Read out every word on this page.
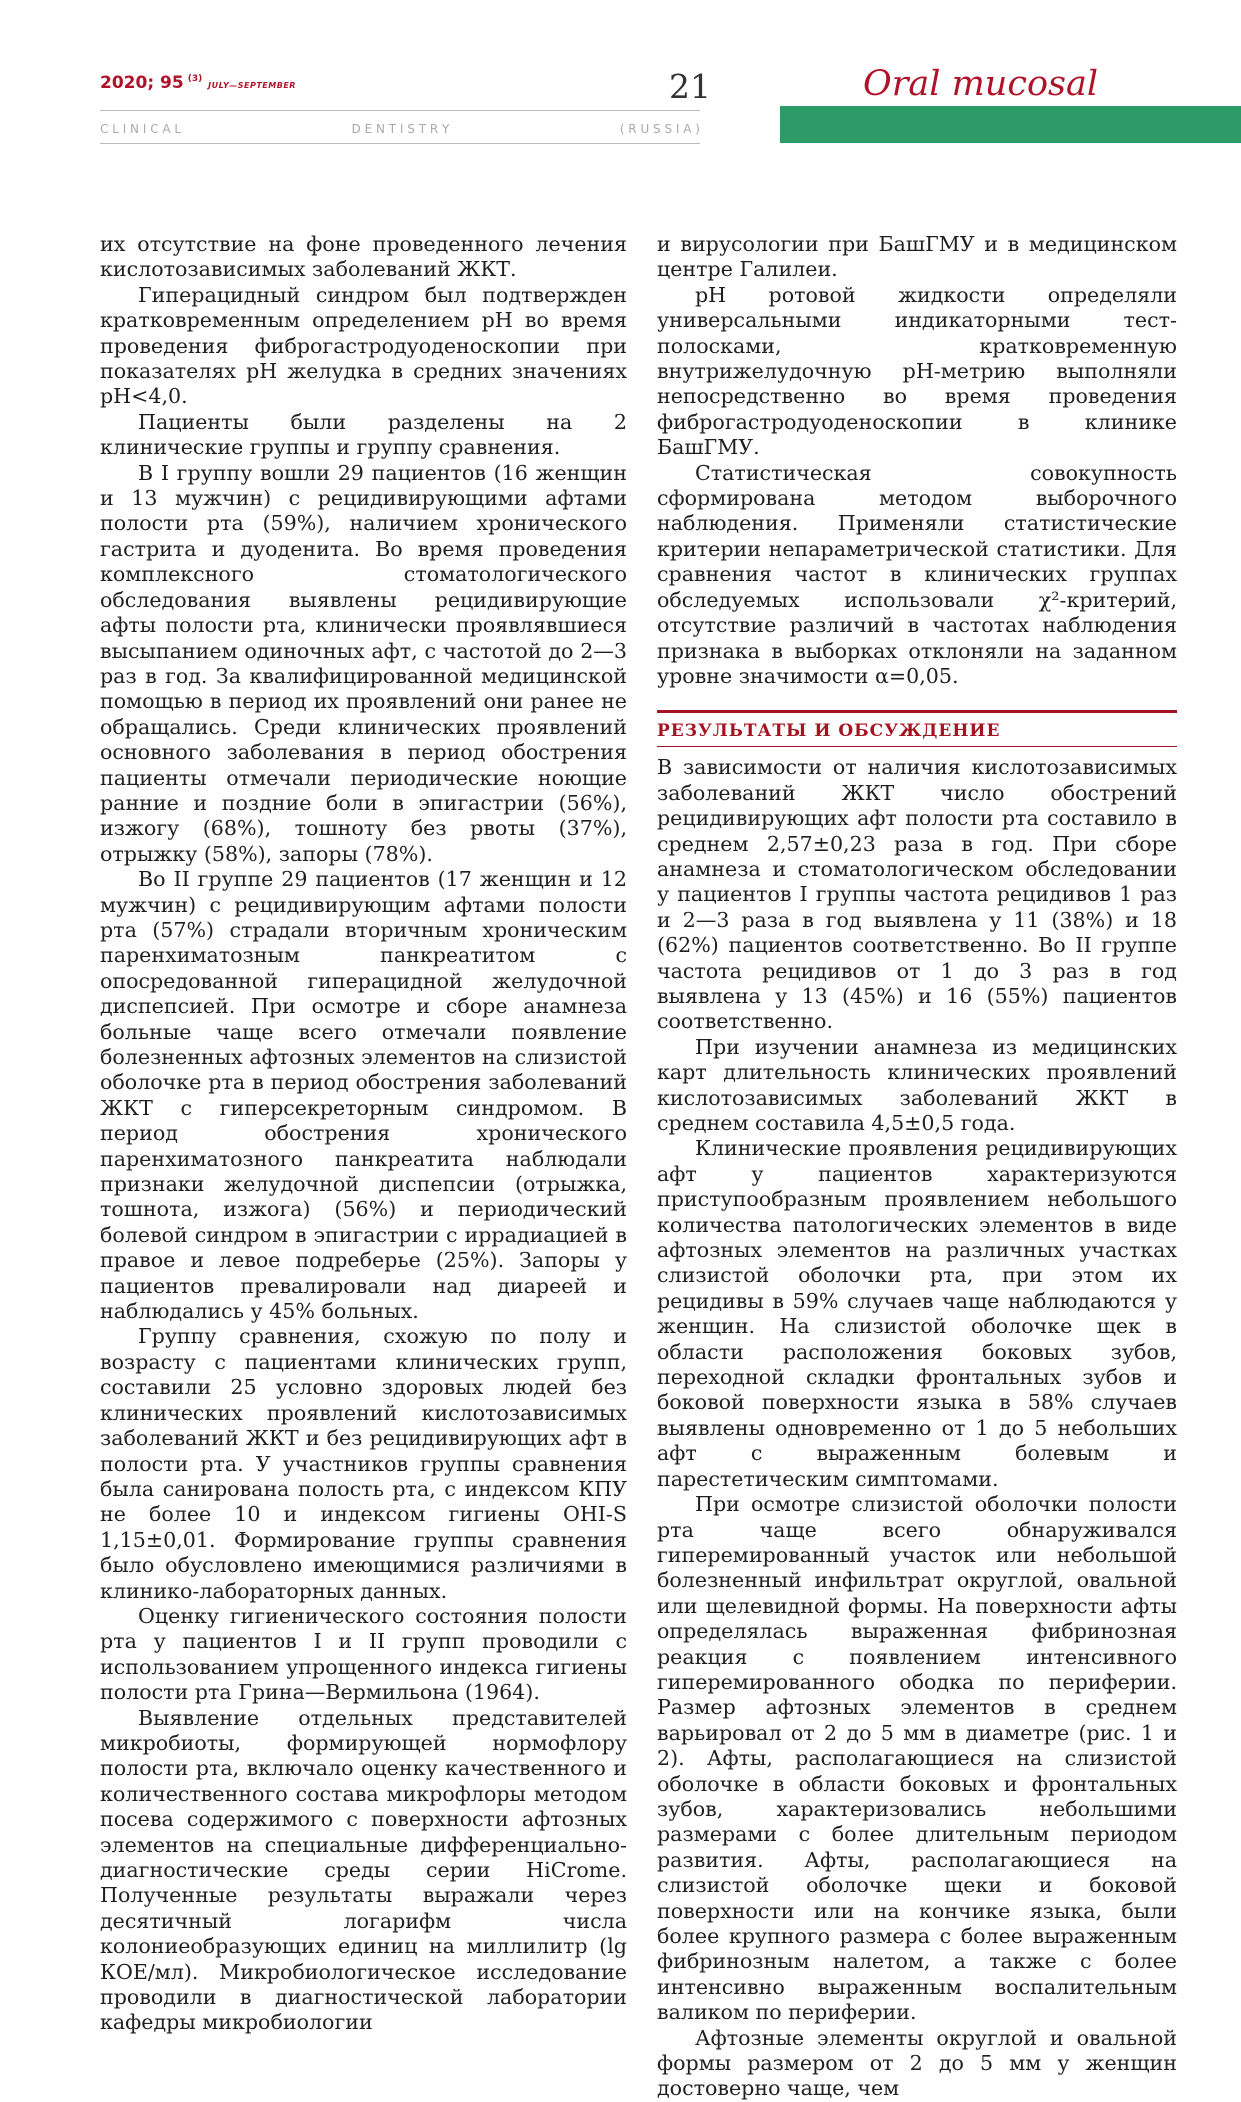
2020; 95 $^{(3)}$ JULY—SEPTEMBER	21
C L I N I C A L	D E N T I S T R Y	( R U S S I A )
Oral mucosal

их отсутствие на фоне проведенного лечения кислотозависимых заболеваний ЖКТ.

Гиперацидный синдром был подтвержден кратковременным определением pH во время проведения фиброгастродуоденоскопии при показателях pH желудка в средних значениях pH<4,0.

Пациенты были разделены на 2 клинические группы и группу сравнения.

В I группу вошли 29 пациентов (16 женщин и 13 мужчин) с рецидивирующими афтами полости рта (59%), наличием хронического гастрита и дуоденита. Во время проведения комплексного стоматологического обследования выявлены рецидивирующие афты полости рта, клинически проявлявшиеся высыпанием одиночных афт, с частотой до 2—3 раз в год. За квалифицированной медицинской помощью в период их проявлений они ранее не обращались. Среди клинических проявлений основного заболевания в период обострения пациенты отмечали периодические ноющие ранние и поздние боли в эпигастрии (56%), изжогу (68%), тошноту без рвоты (37%), отрыжку (58%), запоры (78%).

Во II группе 29 пациентов (17 женщин и 12 мужчин) с рецидивирующим афтами полости рта (57%) страдали вторичным хроническим паренхиматозным панкреатитом с опосредованной гиперацидной желудочной диспепсией. При осмотре и сборе анамнеза больные чаще всего отмечали появление болезненных афтозных элементов на слизистой оболочке рта в период обострения заболеваний ЖКТ с гиперсекреторным синдромом. В период обострения хронического паренхиматозного панкреатита наблюдали признаки желудочной диспепсии (отрыжка, тошнота, изжога) (56%) и периодический болевой синдром в эпигастрии с иррадиацией в правое и левое подреберье (25%). Запоры у пациентов превалировали над диареей и наблюдались у 45% больных.

Группу сравнения, схожую по полу и возрасту с пациентами клинических групп, составили 25 условно здоровых людей без клинических проявлений кислотозависимых заболеваний ЖКТ и без рецидивирующих афт в полости рта. У участников группы сравнения была санирована полость рта, с индексом КПУ не более 10 и индексом гигиены OHI-S 1,15±0,01. Формирование группы сравнения было обусловлено имеющимися различиями в клинико-лабораторных данных.

Оценку гигиенического состояния полости рта у пациентов I и II групп проводили с использованием упрощенного индекса гигиены полости рта Грина—Вермильона (1964).

Выявление отдельных представителей микробиоты, формирующей нормофлору полости рта, включало оценку качественного и количественного состава микрофлоры методом посева содержимого с поверхности афтозных элементов на специальные дифференциально-диагностические среды серии HiCrome. Полученные результаты выражали через десятичный логарифм числа колониеобразующих единиц на миллилитр (lg КОЕ/мл). Микробиологическое исследование проводили в диагностической лаборатории кафедры микробиологии

и вирусологии при БашГМУ и в медицинском центре Галилеи.

pH ротовой жидкости определяли универсальными индикаторными тест-полосками, кратковременную внутрижелудочную pH-метрию выполняли непосредственно во время проведения фиброгастродуоденоскопии в клинике БашГМУ.

Статистическая совокупность сформирована методом выборочного наблюдения. Применяли статистические критерии непараметрической статистики. Для сравнения частот в клинических группах обследуемых использовали χ²-критерий, отсутствие различий в частотах наблюдения признака в выборках отклоняли на заданном уровне значимости α=0,05.

РЕЗУЛЬТАТЫ И ОБСУЖДЕНИЕ

В зависимости от наличия кислотозависимых заболеваний ЖКТ число обострений рецидивирующих афт полости рта составило в среднем 2,57±0,23 раза в год. При сборе анамнеза и стоматологическом обследовании у пациентов I группы частота рецидивов 1 раз и 2—3 раза в год выявлена у 11 (38%) и 18 (62%) пациентов соответственно. Во II группе частота рецидивов от 1 до 3 раз в год выявлена у 13 (45%) и 16 (55%) пациентов соответственно.

При изучении анамнеза из медицинских карт длительность клинических проявлений кислотозависимых заболеваний ЖКТ в среднем составила 4,5±0,5 года.

Клинические проявления рецидивирующих афт у пациентов характеризуются приступообразным проявлением небольшого количества патологических элементов в виде афтозных элементов на различных участках слизистой оболочки рта, при этом их рецидивы в 59% случаев чаще наблюдаются у женщин. На слизистой оболочке щек в области расположения боковых зубов, переходной складки фронтальных зубов и боковой поверхности языка в 58% случаев выявлены одновременно от 1 до 5 небольших афт с выраженным болевым и парестетическим симптомами.

При осмотре слизистой оболочки полости рта чаще всего обнаруживался гиперемированный участок или небольшой болезненный инфильтрат округлой, овальной или щелевидной формы. На поверхности афты определялась выраженная фибринозная реакция с появлением интенсивного гиперемированного ободка по периферии. Размер афтозных элементов в среднем варьировал от 2 до 5 мм в диаметре (рис. 1 и 2). Афты, располагающиеся на слизистой оболочке в области боковых и фронтальных зубов, характеризовались небольшими размерами с более длительным периодом развития. Афты, располагающиеся на слизистой оболочке щеки и боковой поверхности или на кончике языка, были более крупного размера с более выраженным фибринозным налетом, а также с более интенсивно выраженным воспалительным валиком по периферии.

Афтозные элементы округлой и овальной формы размером от 2 до 5 мм у женщин достоверно чаще, чем
